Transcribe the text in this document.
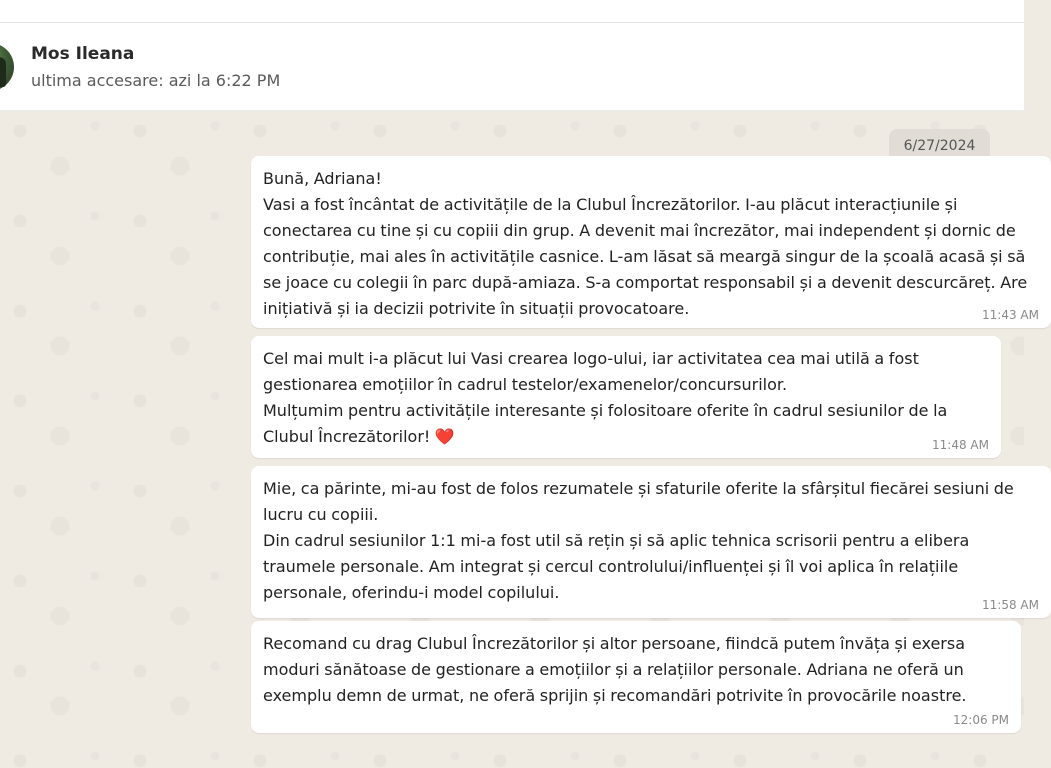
Mos Ileana
ultima accesare: azi la 6:22 PM
6/27/2024
Bună, Adriana!
Vasi a fost încântat de activitățile de la Clubul Încrezătorilor. I-au plăcut interacțiunile și conectarea cu tine și cu copiii din grup. A devenit mai încrezător, mai independent și dornic de contribuție, mai ales în activitățile casnice. L-am lăsat să meargă singur de la școală acasă și să se joace cu colegii în parc după-amiaza. S-a comportat responsabil și a devenit descurcăreț. Are inițiativă și ia decizii potrivite în situații provocatoare.	11:43 AM
Cel mai mult i-a plăcut lui Vasi crearea logo-ului, iar activitatea cea mai utilă a fost gestionarea emoțiilor în cadrul testelor/examenelor/concursurilor.
Mulțumim pentru activitățile interesante și folositoare oferite în cadrul sesiunilor de la Clubul Încrezătorilor! ❤️	11:48 AM
Mie, ca părinte, mi-au fost de folos rezumatele și sfaturile oferite la sfârșitul fiecărei sesiuni de lucru cu copiii.
Din cadrul sesiunilor 1:1 mi-a fost util să rețin și să aplic tehnica scrisorii pentru a elibera traumele personale. Am integrat și cercul controlului/influenței și îl voi aplica în relațiile personale, oferindu-i model copilului.
11:58 AM
Recomand cu drag Clubul Încrezătorilor și altor persoane, fiindcă putem învăța și exersa moduri sănătoase de gestionare a emoțiilor și a relațiilor personale. Adriana ne oferă un exemplu demn de urmat, ne oferă sprijin și recomandări potrivite în provocările noastre.
12:06 PM
